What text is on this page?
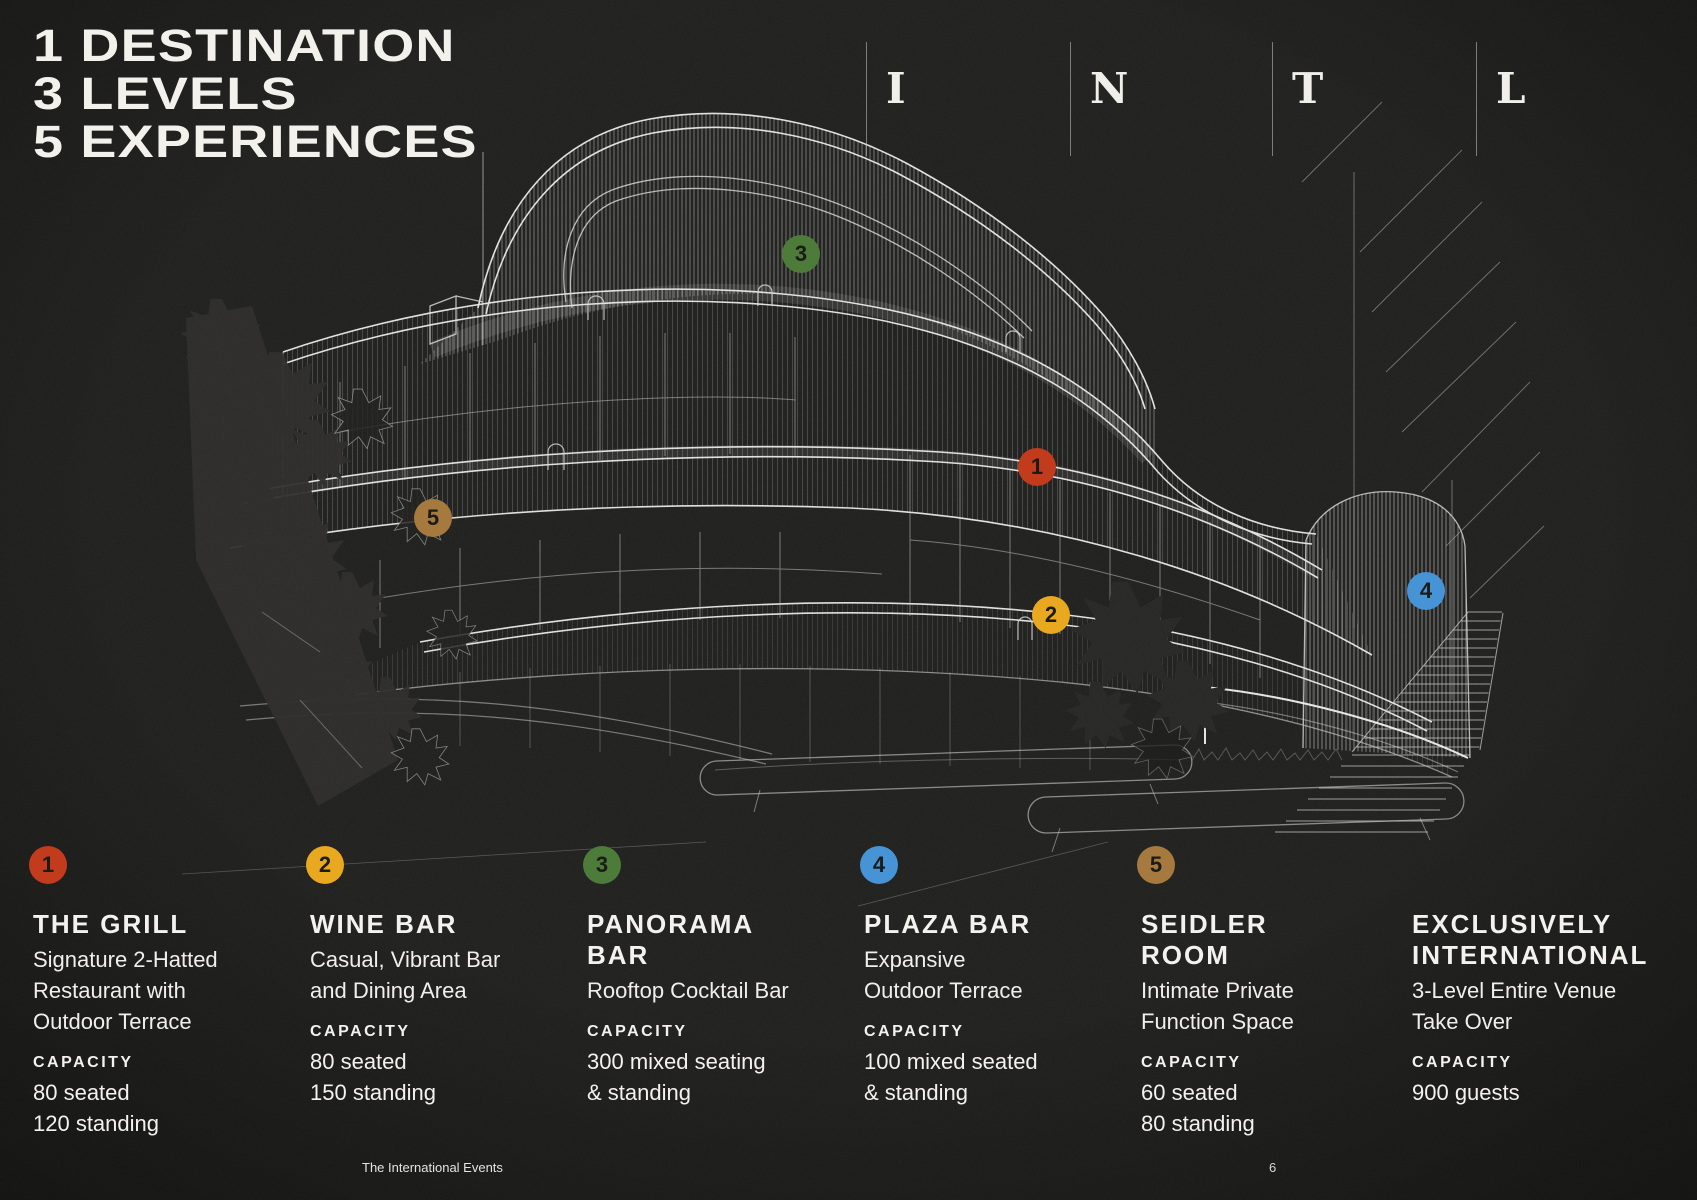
1 DESTINATION
3 LEVELS
5 EXPERIENCES
I	N	T	L
1
2
3
4
5
1
THE GRILL
Signature 2-Hatted
Restaurant with
Outdoor Terrace
CAPACITY
80 seated
120 standing
2
WINE BAR
Casual, Vibrant Bar
and Dining Area
CAPACITY
80 seated
150 standing
3
PANORAMA
BAR
Rooftop Cocktail Bar
CAPACITY
300 mixed seating
& standing
4
PLAZA BAR
Expansive
Outdoor Terrace
CAPACITY
100 mixed seated
& standing
5
SEIDLER
ROOM
Intimate Private
Function Space
CAPACITY
60 seated
80 standing
EXCLUSIVELY
INTERNATIONAL
3-Level Entire Venue
Take Over
CAPACITY
900 guests
The International Events	6
